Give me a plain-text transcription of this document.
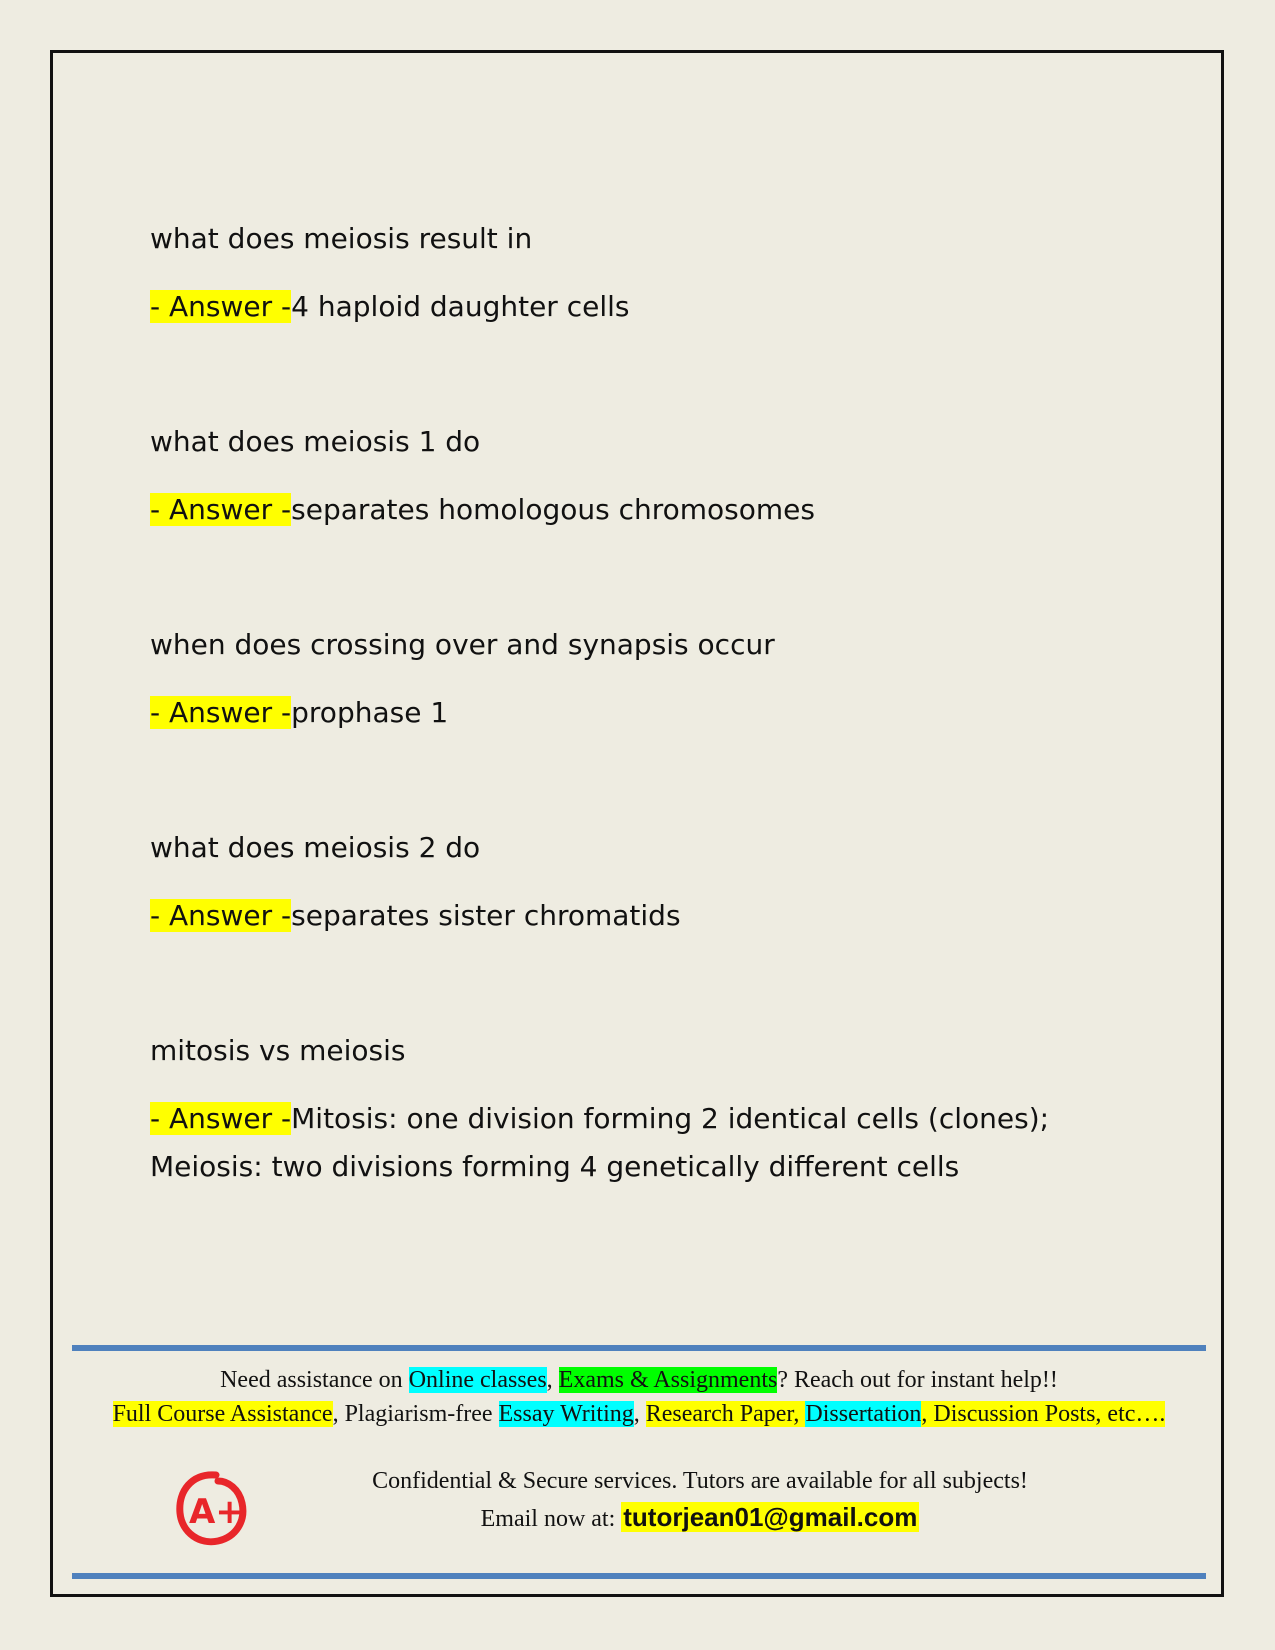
what does meiosis result in

- Answer -4 haploid daughter cells

what does meiosis 1 do

- Answer -separates homologous chromosomes

when does crossing over and synapsis occur

- Answer -prophase 1

what does meiosis 2 do

- Answer -separates sister chromatids

mitosis vs meiosis

- Answer -Mitosis: one division forming 2 identical cells (clones);
Meiosis: two divisions forming 4 genetically different cells

Need assistance on Online classes, Exams & Assignments? Reach out for instant help!!
Full Course Assistance, Plagiarism-free Essay Writing, Research Paper, Dissertation, Discussion Posts, etc….
A+
Confidential & Secure services. Tutors are available for all subjects!
Email now at: tutorjean01@gmail.com
